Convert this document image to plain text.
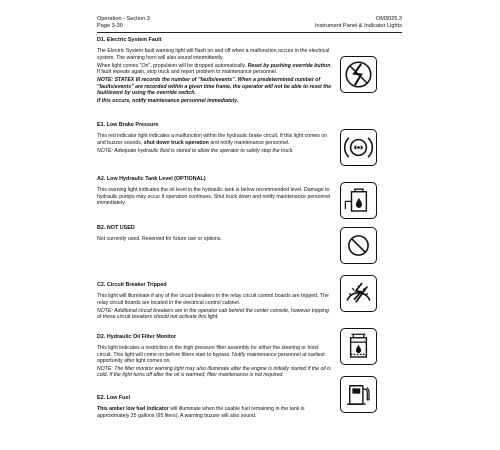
Operation - Section 3
Page 3-30
OM3025.3
Instrument Panel & Indicator Lights
D1. Electric System Fault

The Electric System fault warning light will flash on and off when a malfunction occurs in the electrical system. The warning horn will also sound intermittently.

When light comes "On", propulsion will be dropped automatically. Reset by pushing override button. If fault repeats again, stop truck and report problem to maintenance personnel.

NOTE: STATEX III records the number of "faults/events". When a predetermined number of "faults/events" are recorded within a given time frame, the operator will not be able to reset the fault/event by using the override switch.

If this occurs, notify maintenance personnel immediately.

E1. Low Brake Pressure

This red indicator light indicates a malfunction within the hydraulic brake circuit. If this light comes on and buzzer sounds, shut down truck operation and notify maintenance personnel.

NOTE: Adequate hydraulic fluid is stored to allow the operator to safely stop the truck.

A2. Low Hydraulic Tank Level (OPTIONAL)

This warning light indicates the oil level in the hydraulic tank is below recommended level. Damage to hydraulic pumps may occur if operation continues. Shut truck down and notify maintenance personnel immediately.

B2. NOT USED

Not currently used. Reserved for future use or options.

C2. Circuit Breaker Tripped

This light will illuminate if any of the circuit breakers in the relay circuit control boards are tripped. The relay circuit boards are located in the electrical control cabinet.

NOTE: Additional circuit breakers are in the operator cab behind the center console, however tripping of these circuit breakers should not activate this light.

D2. Hydraulic Oil Filter Monitor

This light indicates a restriction in the high pressure filter assembly for either the steering or hoist circuit. This light will come on before filters start to bypass. Notify maintenance personnel at earliest opportunity after light comes on.

NOTE: The filter monitor warning light may also illuminate after the engine is initially started if the oil is cold. If the light turns off after the oil is warmed, filter maintenance is not required.

E2. Low Fuel

This amber low fuel indicator will illuminate when the usable fuel remaining in the tank is approximately 25 gallons (95 liters). A warning buzzer will also sound.
